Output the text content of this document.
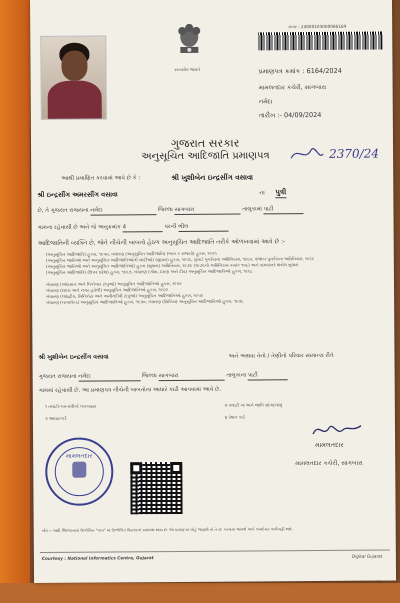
સત્યમેવ જયતે
નંબર : 24000103000066164
પ્રમાણપત્ર ક્રમાંક : 6164/2024
મામલતદાર કચેરી, સાગબારા
નર્મદા
તારીખ :- 04/09/2024
ગુજરાત સરકાર
અનુસૂચિત આદિજાતિ પ્રમાણપત્ર	2370/24
આથી પ્રમાણિત કરવામાં આવે છે કે :	શ્રી ખુશીબેન ઇન્દ્રસીંગ વસાવા
શ્રી ઇન્દ્રસીંગ અમરસીંગ વસાવા	ના પુત્રી
છે, તે ગુજરાત રાજ્યના નર્મદા	જિલ્લા સાગબારા	તાલુકામાં પાટી
ગામના રહેવાસી છે અને જે અનુક્રમાંક 4	પરની ભીલ
આદિજાતિની વ્યક્તિ છે, જેને નીચેની બાબતો હેઠળ અનુસૂચિત આદિજાતિ તરીકે ઓળખવામાં આવે છે :-
(અનુસૂચિત આદિજાતિ) હુકમ, ૧૯૫૦, બંધારણ (અનુસૂચિત આદિજાતિ) (ભાગ ક રાજ્યો) હુકમ, ૧૯૫૧
(અનુસૂચિત જાતિઓ અને અનુસૂચિત આદિજાતિઓની યાદીઓ) (સુધારા) હુકમ, ૧૯૫૬, મુંબઈ પુનર્રચના અધિનિયમ, ૧૯૬૦, પંજાબ પુનર્રચના અધિનિયમ, ૧૯૬૬
(અનુસૂચિત જાતિઓ અને અનુસૂચિત આદિજાતિઓ) હુકમ (સુધારા) અધિનિયમ, ૧૯૭૬ (૧૯૭૬નો અધિનિયમ ક્રમાંક ૧૦૮) અને સમયાંતરે થયેલ સુધારા
(અનુસૂચિત આદિજાતિ) (ઉત્તર પ્રદેશ) હુકમ, ૧૯૬૭, બંધારણ (ગોવા, દમણ અને દીવ) અનુસૂચિત આદિજાતિઓ હુકમ, ૧૯૬૮
બંધારણ (અંદામાન અને નિકોબાર ટાપુઓ) અનુસૂચિત આદિજાતિઓ હુકમ, ૧૯૫૯
બંધારણ (દાદરા અને નગર હવેલી) અનુસૂચિત આદિજાતિઓ હુકમ, ૧૯૬૨
બંધારણ (લક્ષદ્વીપ, મિનિકોય અને અમીનદીવી ટાપુઓ) અનુસૂચિત આદિજાતિઓ હુકમ, ૧૯૫૯
બંધારણ (નાગાલેન્ડ) અનુસૂચિત આદિજાતિઓ હુકમ, ૧૯૭૦, બંધારણ (સિક્કિમ) અનુસૂચિત આદિજાતિઓ હુકમ, ૧૯૭૮
શ્રી ખુશીબેન ઇન્દ્રસીંગ વસાવા	અને અથવા તેનો / તેણીનો પરિવાર સામાન્ય રીતે
ગુજરાત રાજ્યના નર્મદા	જિલ્લા સાગબારા	તાલુકાના પાટી
ગામમાં રહેવાસી છે. આ પ્રમાણપત્ર નીચેની બાબતોના આધારે કાઢી આપવામાં આવે છે.
૧ તલાટી-કમ-મંત્રીનો પંચક્યાસ	૨ તલાટી ના અને જાતિ સોગંદનામું
૩ આધારકાર્ડ	૪ રેશન કાર્ડ
મામલતદાર
મામલતદાર
મામલતદાર કચેરી, સાગબારા
નોંધ :- આદિ જિલ્લાતામાં ઉલ્લેખિત "ગામ" માં ઉલ્લેખિત વિસ્તારનો સમાવેશ થાય છે. જો પ્રમાણપત્ર ખોટું જણાશે તો તે રદ કરવામાં આવશે અને કાયદેસર કાર્યવાહી થશે.
Courtesy : National Informatics Centre, Gujarat	Digital Gujarat
